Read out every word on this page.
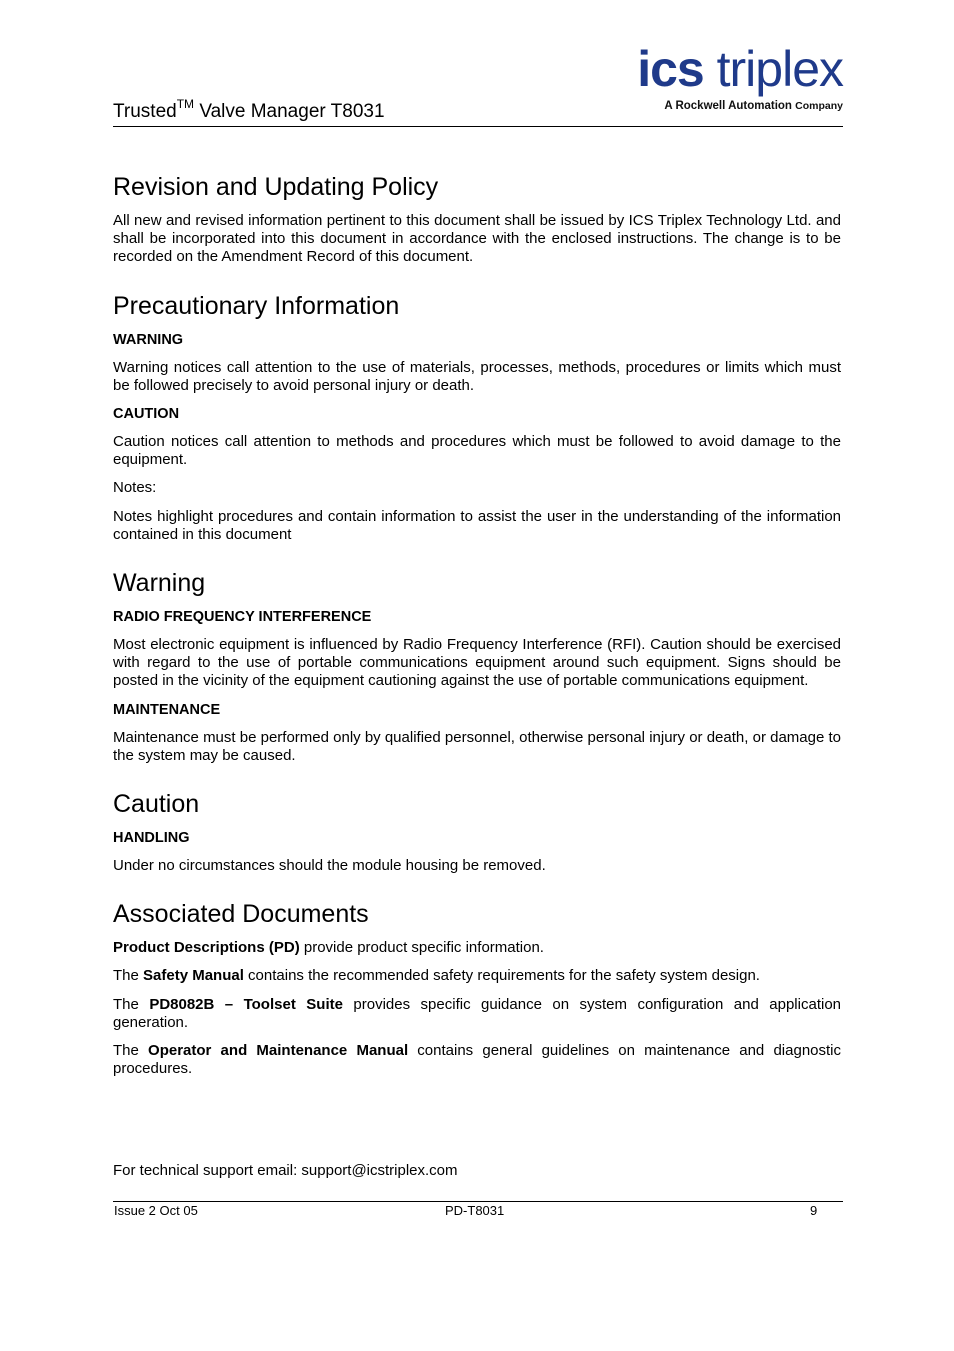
Trusted™ Valve Manager T8031
ics triplex
A Rockwell Automation Company
Revision and Updating Policy

All new and revised information pertinent to this document shall be issued by ICS Triplex Technology Ltd. and shall be incorporated into this document in accordance with the enclosed instructions. The change is to be recorded on the Amendment Record of this document.

Precautionary Information
WARNING

Warning notices call attention to the use of materials, processes, methods, procedures or limits which must be followed precisely to avoid personal injury or death.

CAUTION

Caution notices call attention to methods and procedures which must be followed to avoid damage to the equipment.

Notes:

Notes highlight procedures and contain information to assist the user in the understanding of the information contained in this document

Warning
RADIO FREQUENCY INTERFERENCE

Most electronic equipment is influenced by Radio Frequency Interference (RFI). Caution should be exercised with regard to the use of portable communications equipment around such equipment. Signs should be posted in the vicinity of the equipment cautioning against the use of portable communications equipment.

MAINTENANCE

Maintenance must be performed only by qualified personnel, otherwise personal injury or death, or damage to the system may be caused.

Caution
HANDLING

Under no circumstances should the module housing be removed.

Associated Documents

Product Descriptions (PD) provide product specific information.

The Safety Manual contains the recommended safety requirements for the safety system design.

The PD8082B – Toolset Suite provides specific guidance on system configuration and application generation.

The Operator and Maintenance Manual contains general guidelines on maintenance and diagnostic procedures.

For technical support email: support@icstriplex.com
Issue 2 Oct 05	PD-T8031	9
